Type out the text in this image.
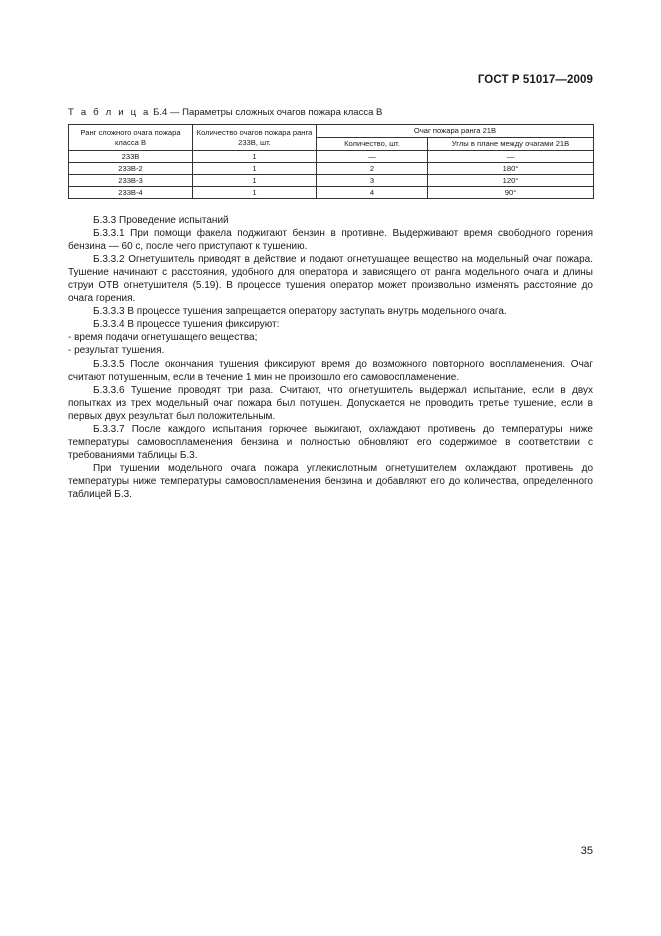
ГОСТ Р 51017—2009
Т а б л и ц а Б.4 — Параметры сложных очагов пожара класса В
Ранг сложного очага пожара класса В	Количество очагов пожара ранга 233В, шт.	Очаг пожара ранга 21В	
		Количество, шт.	Углы в плане между очагами 21В
233В	1	—	—
233В-2	1	2	180°
233В-3	1	3	120°
233В-4	1	4	90°

Б.3.3 Проведение испытаний

Б.3.3.1 При помощи факела поджигают бензин в противне. Выдерживают время свободного горения бензина — 60 с, после чего приступают к тушению.

Б.3.3.2 Огнетушитель приводят в действие и подают огнетушащее вещество на модельный очаг пожара. Тушение начинают с расстояния, удобного для оператора и зависящего от ранга модельного очага и длины струи ОТВ огнетушителя (5.19). В процессе тушения оператор может произвольно изменять расстояние до очага горения.

Б.3.3.3 В процессе тушения запрещается оператору заступать внутрь модельного очага.

Б.3.3.4 В процессе тушения фиксируют:

- время подачи огнетушащего вещества;

- результат тушения.

Б.3.3.5 После окончания тушения фиксируют время до возможного повторного воспламенения. Очаг считают потушенным, если в течение 1 мин не произошло его самовоспламенение.

Б.3.3.6 Тушение проводят три раза. Считают, что огнетушитель выдержал испытание, если в двух попытках из трех модельный очаг пожара был потушен. Допускается не проводить третье тушение, если в первых двух результат был положительным.

Б.3.3.7 После каждого испытания горючее выжигают, охлаждают противень до температуры ниже температуры самовоспламенения бензина и полностью обновляют его содержимое в соответствии с требованиями таблицы Б.3.

При тушении модельного очага пожара углекислотным огнетушителем охлаждают противень до температуры ниже температуры самовоспламенения бензина и добавляют его до количества, определенного таблицей Б.3.

35
